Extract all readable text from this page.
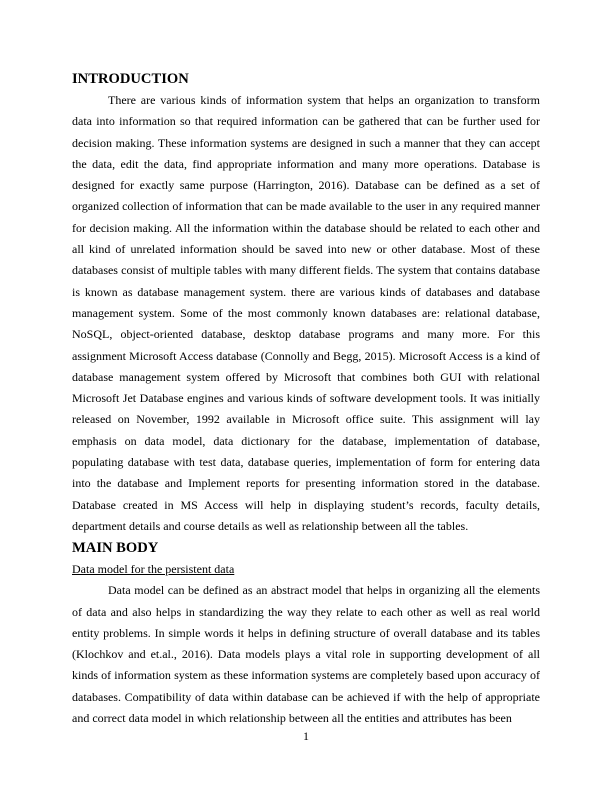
INTRODUCTION

There are various kinds of information system that helps an organization to transform data into information so that required information can be gathered that can be further used for decision making. These information systems are designed in such a manner that they can accept the data, edit the data, find appropriate information and many more operations. Database is designed for exactly same purpose (Harrington, 2016). Database can be defined as a set of organized collection of information that can be made available to the user in any required manner for decision making. All the information within the database should be related to each other and all kind of unrelated information should be saved into new or other database. Most of these databases consist of multiple tables with many different fields. The system that contains database is known as database management system. there are various kinds of databases and database management system. Some of the most commonly known databases are: relational database, NoSQL, object-oriented database, desktop database programs and many more. For this assignment Microsoft Access database (Connolly and Begg, 2015). Microsoft Access is a kind of database management system offered by Microsoft that combines both GUI with relational Microsoft Jet Database engines and various kinds of software development tools. It was initially released on November, 1992 available in Microsoft office suite. This assignment will lay emphasis on data model, data dictionary for the database, implementation of database, populating database with test data, database queries, implementation of form for entering data into the database and Implement reports for presenting information stored in the database. Database created in MS Access will help in displaying student’s records, faculty details, department details and course details as well as relationship between all the tables.

MAIN BODY

Data model for the persistent data

Data model can be defined as an abstract model that helps in organizing all the elements of data and also helps in standardizing the way they relate to each other as well as real world entity problems. In simple words it helps in defining structure of overall database and its tables (Klochkov and et.al., 2016). Data models plays a vital role in supporting development of all kinds of information system as these information systems are completely based upon accuracy of databases. Compatibility of data within database can be achieved if with the help of appropriate and correct data model in which relationship between all the entities and attributes has been

1
